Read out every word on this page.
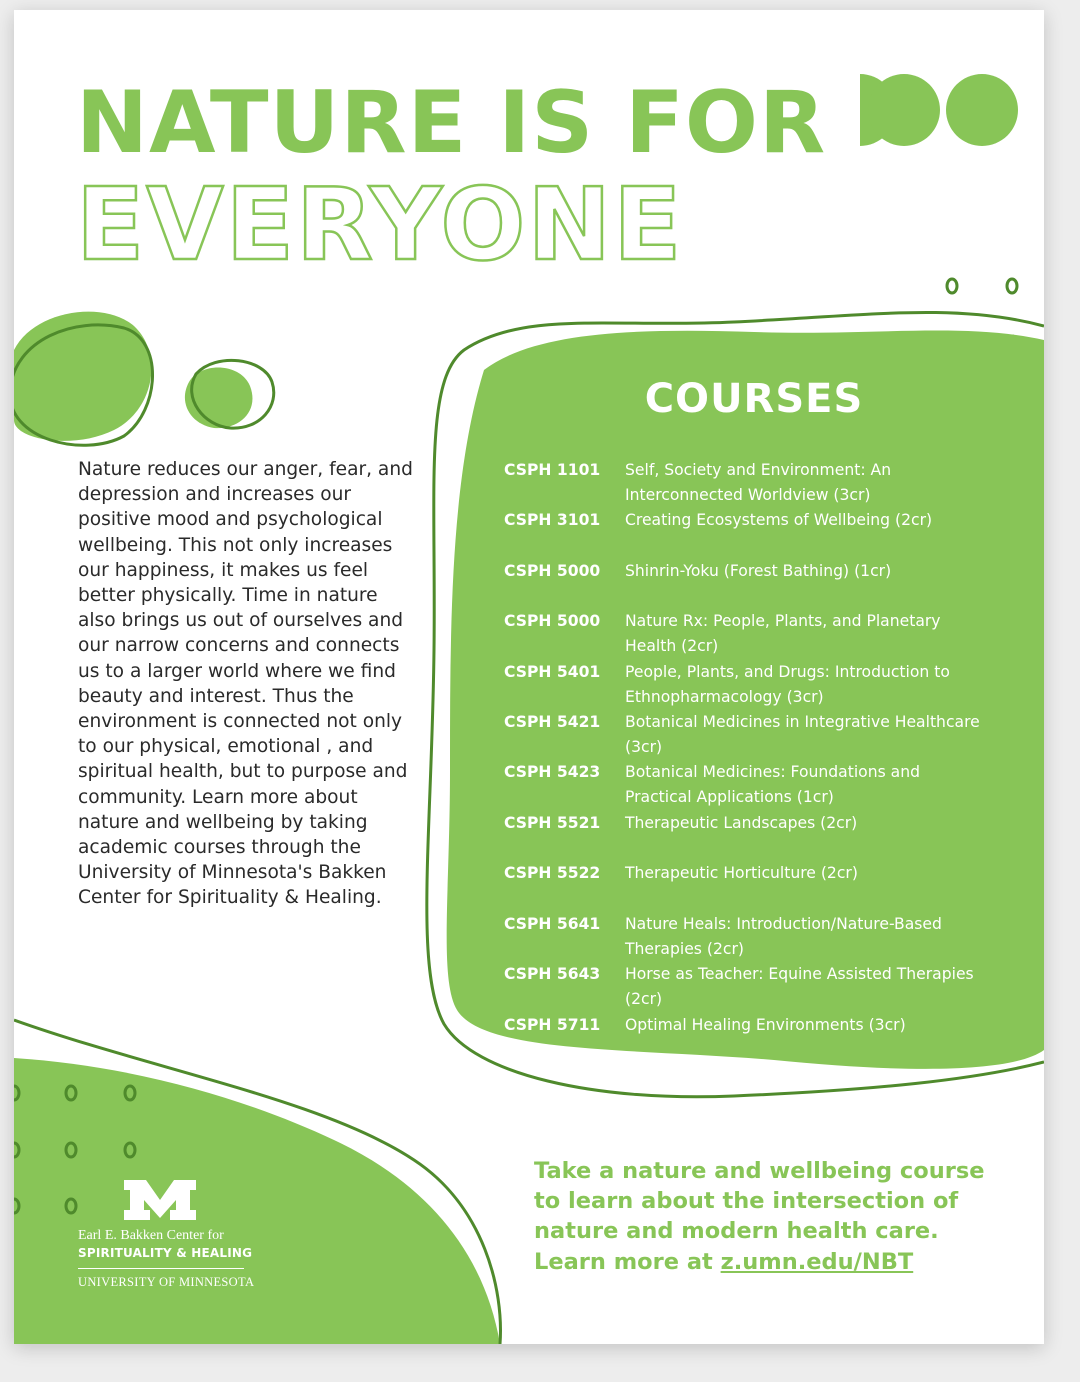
NATURE IS FOR
EVERYONE
Nature reduces our anger, fear, and depression and increases our positive mood and psychological wellbeing. This not only increases our happiness, it makes us feel better physically. Time in nature also brings us out of ourselves and our narrow concerns and connects us to a larger world where we find beauty and interest. Thus the environment is connected not only to our physical, emotional , and spiritual health, but to purpose and community. Learn more about nature and wellbeing by taking academic courses through the University of Minnesota's Bakken Center for Spirituality & Healing.
COURSES
CSPH 1101	Self, Society and Environment: An Interconnected Worldview (3cr)
CSPH 3101	Creating Ecosystems of Wellbeing (2cr)
CSPH 5000	Shinrin-Yoku (Forest Bathing) (1cr)
CSPH 5000	Nature Rx: People, Plants, and Planetary Health (2cr)
CSPH 5401	People, Plants, and Drugs: Introduction to Ethnopharmacology (3cr)
CSPH 5421	Botanical Medicines in Integrative Healthcare (3cr)
CSPH 5423	Botanical Medicines: Foundations and Practical Applications (1cr)
CSPH 5521	Therapeutic Landscapes (2cr)
CSPH 5522	Therapeutic Horticulture (2cr)
CSPH 5641	Nature Heals: Introduction/Nature-Based Therapies (2cr)
CSPH 5643	Horse as Teacher: Equine Assisted Therapies (2cr)
CSPH 5711	Optimal Healing Environments (3cr)
Take a nature and wellbeing course to learn about the intersection of nature and modern health care. Learn more at z.umn.edu/NBT
Earl E. Bakken Center for
SPIRITUALITY & HEALING
UNIVERSITY OF MINNESOTA
